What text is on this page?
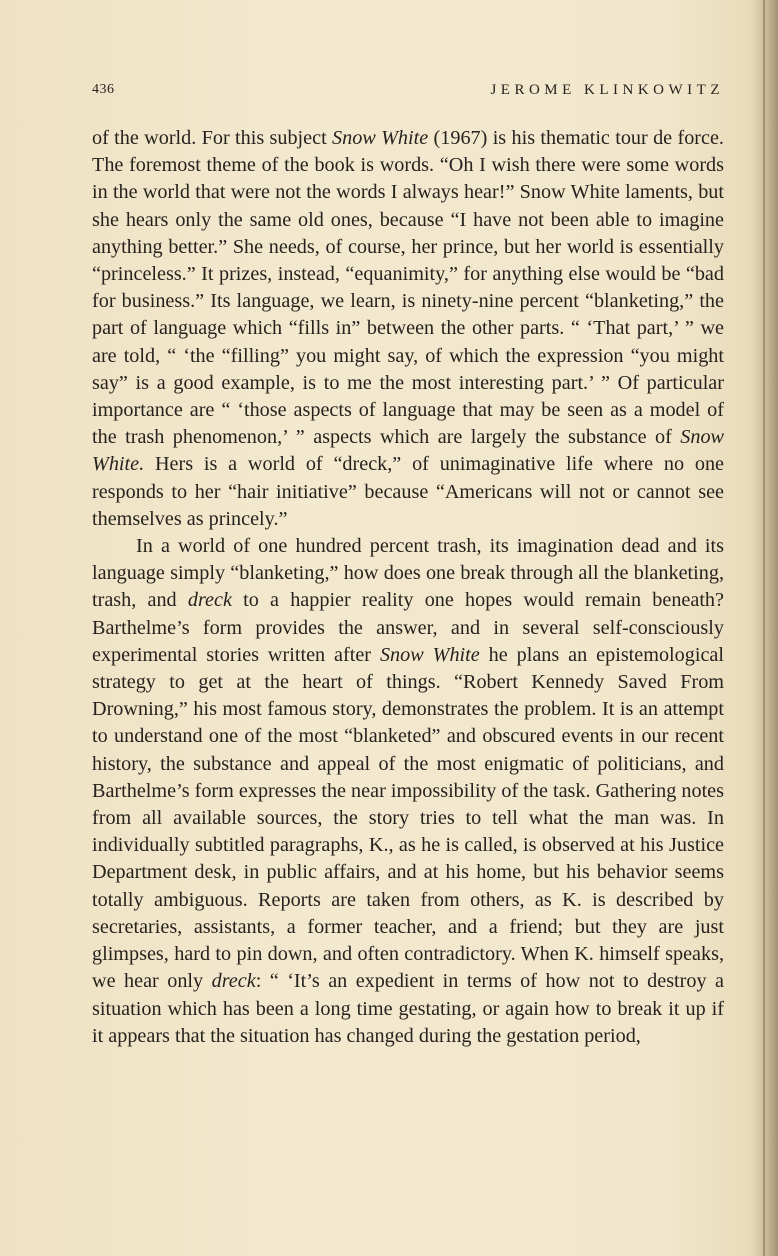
436	JEROME KLINKOWITZ

of the world. For this subject Snow White (1967) is his thematic tour de force. The foremost theme of the book is words. “Oh I wish there were some words in the world that were not the words I always hear!” Snow White laments, but she hears only the same old ones, because “I have not been able to imagine anything better.” She needs, of course, her prince, but her world is essentially “princeless.” It prizes, instead, “equanimity,” for anything else would be “bad for business.” Its language, we learn, is ninety-nine percent “blanketing,” the part of language which “fills in” between the other parts. “ ‘That part,’ ” we are told, “ ‘the “filling” you might say, of which the expression “you might say” is a good example, is to me the most interesting part.’ ” Of particular importance are “ ‘those aspects of language that may be seen as a model of the trash phenomenon,’ ” aspects which are largely the substance of Snow White. Hers is a world of “dreck,” of unimaginative life where no one responds to her “hair initiative” because “Americans will not or cannot see themselves as princely.”

In a world of one hundred percent trash, its imagination dead and its language simply “blanketing,” how does one break through all the blanketing, trash, and dreck to a happier reality one hopes would remain beneath? Barthelme’s form provides the answer, and in several self-consciously experimental stories written after Snow White he plans an epistemological strategy to get at the heart of things. “Robert Kennedy Saved From Drowning,” his most famous story, demonstrates the problem. It is an attempt to understand one of the most “blanketed” and obscured events in our recent history, the substance and appeal of the most enigmatic of politicians, and Barthelme’s form expresses the near impossibility of the task. Gathering notes from all available sources, the story tries to tell what the man was. In individually subtitled paragraphs, K., as he is called, is observed at his Justice Department desk, in public affairs, and at his home, but his behavior seems totally ambiguous. Reports are taken from others, as K. is described by secretaries, assistants, a former teacher, and a friend; but they are just glimpses, hard to pin down, and often contradictory. When K. himself speaks, we hear only dreck: “ ‘It’s an expedient in terms of how not to destroy a situation which has been a long time gestating, or again how to break it up if it appears that the situation has changed during the gestation period,
